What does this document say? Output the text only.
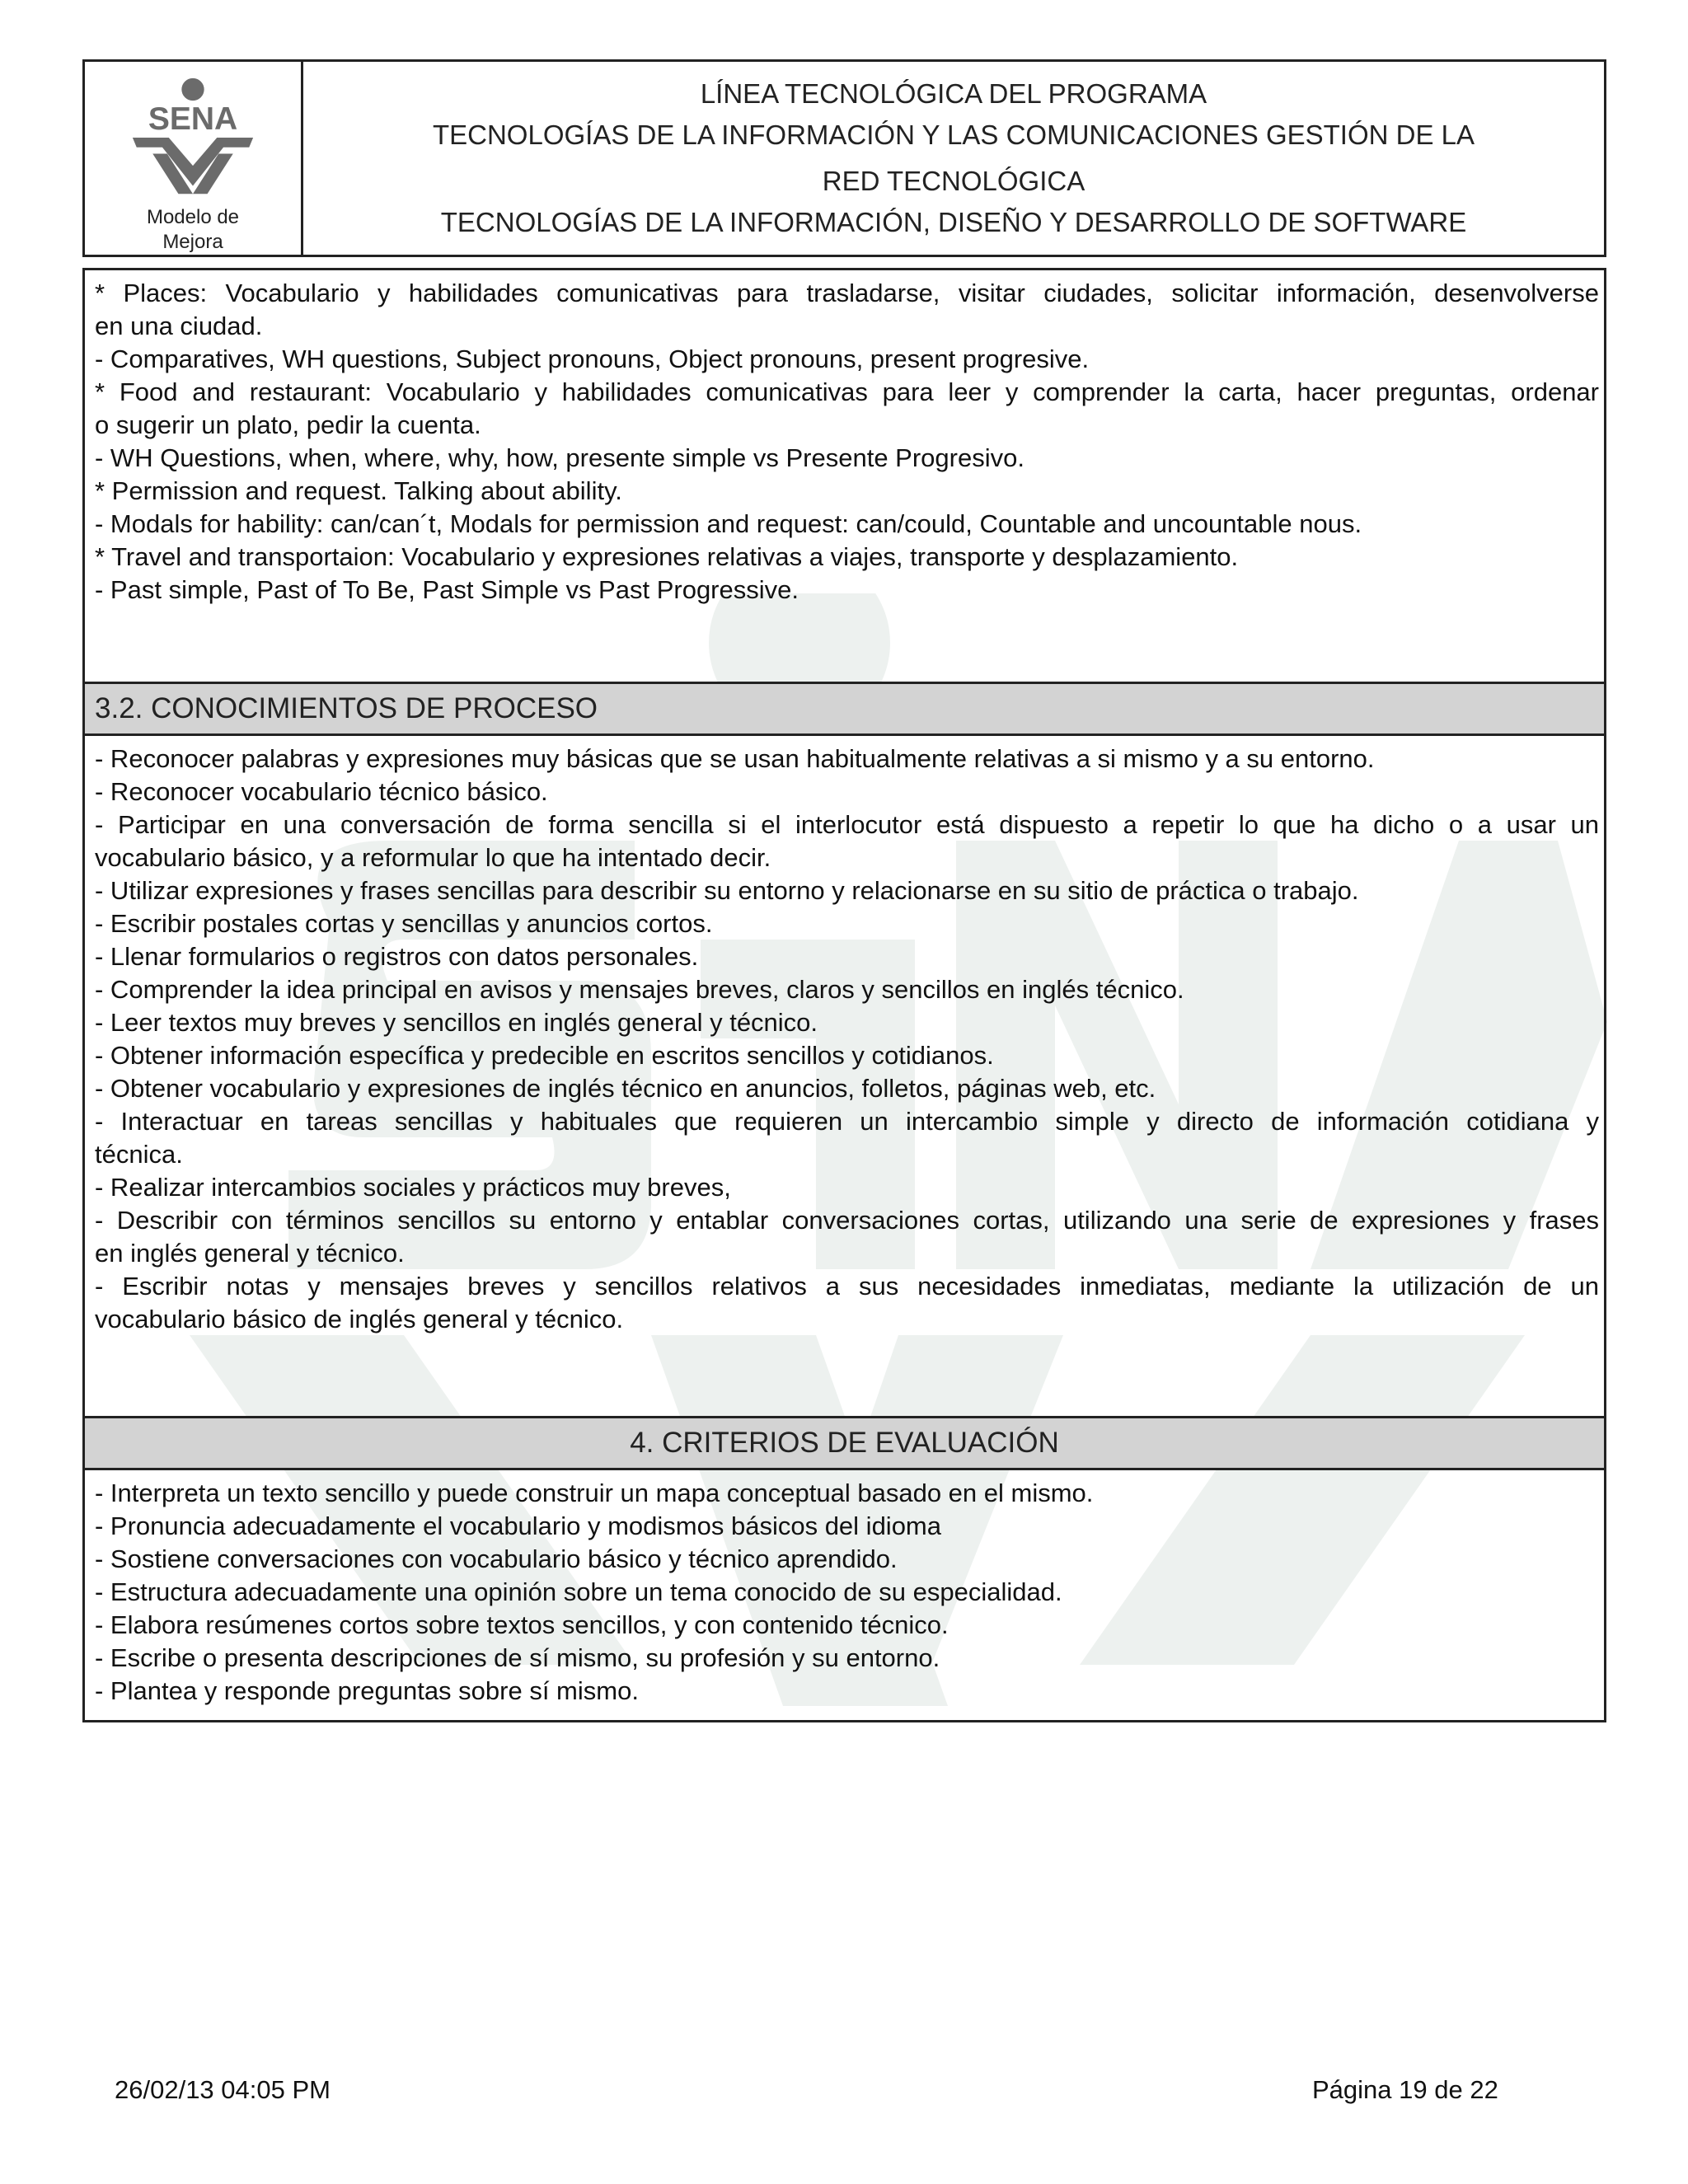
SENA
Modelo de
Mejora
LÍNEA TECNOLÓGICA DEL PROGRAMA
TECNOLOGÍAS DE LA INFORMACIÓN Y LAS COMUNICACIONES GESTIÓN DE LA
RED TECNOLÓGICA
TECNOLOGÍAS DE LA INFORMACIÓN, DISEÑO Y DESARROLLO DE SOFTWARE
* Places: Vocabulario y habilidades comunicativas para trasladarse, visitar ciudades, solicitar información, desenvolverse
en una ciudad.
- Comparatives, WH questions, Subject pronouns, Object pronouns, present progresive.
* Food and restaurant: Vocabulario y habilidades comunicativas para leer y comprender la carta, hacer preguntas, ordenar
o sugerir un plato, pedir la cuenta.
- WH Questions, when, where, why, how, presente simple vs Presente Progresivo.
* Permission and request. Talking about ability.
- Modals for hability: can/can´t, Modals for permission and request: can/could, Countable and uncountable nous.
* Travel and transportaion: Vocabulario y expresiones relativas a viajes, transporte y desplazamiento.
- Past simple, Past of To Be, Past Simple vs Past Progressive.
3.2. CONOCIMIENTOS DE PROCESO
- Reconocer palabras y expresiones muy básicas que se usan habitualmente relativas a si mismo y a su entorno.
- Reconocer vocabulario técnico básico.
- Participar en una conversación de forma sencilla si el interlocutor está dispuesto a repetir lo que ha dicho o a usar un
vocabulario básico, y a reformular lo que ha intentado decir.
- Utilizar expresiones y frases sencillas para describir su entorno y relacionarse en su sitio de práctica o trabajo.
- Escribir postales cortas y sencillas y anuncios cortos.
- Llenar formularios o registros con datos personales.
- Comprender la idea principal en avisos y mensajes breves, claros y sencillos en inglés técnico.
- Leer textos muy breves y sencillos en inglés general y técnico.
- Obtener información específica y predecible en escritos sencillos y cotidianos.
- Obtener vocabulario y expresiones de inglés técnico en anuncios, folletos, páginas web, etc.
- Interactuar en tareas sencillas y habituales que requieren un intercambio simple y directo de información cotidiana y
técnica.
- Realizar intercambios sociales y prácticos muy breves,
- Describir con términos sencillos su entorno y entablar conversaciones cortas, utilizando una serie de expresiones y frases
en inglés general y técnico.
- Escribir notas y mensajes breves y sencillos relativos a sus necesidades inmediatas, mediante la utilización de un
vocabulario básico de inglés general y técnico.
4. CRITERIOS DE EVALUACIÓN
- Interpreta un texto sencillo y puede construir un mapa conceptual basado en el mismo.
- Pronuncia adecuadamente el vocabulario y modismos básicos del idioma
- Sostiene conversaciones con vocabulario básico y técnico aprendido.
- Estructura adecuadamente una opinión sobre un tema conocido de su especialidad.
- Elabora resúmenes cortos sobre textos sencillos, y con contenido técnico.
- Escribe o presenta descripciones de sí mismo, su profesión y su entorno.
- Plantea y responde preguntas sobre sí mismo.
26/02/13 04:05 PM	Página 19 de 22
